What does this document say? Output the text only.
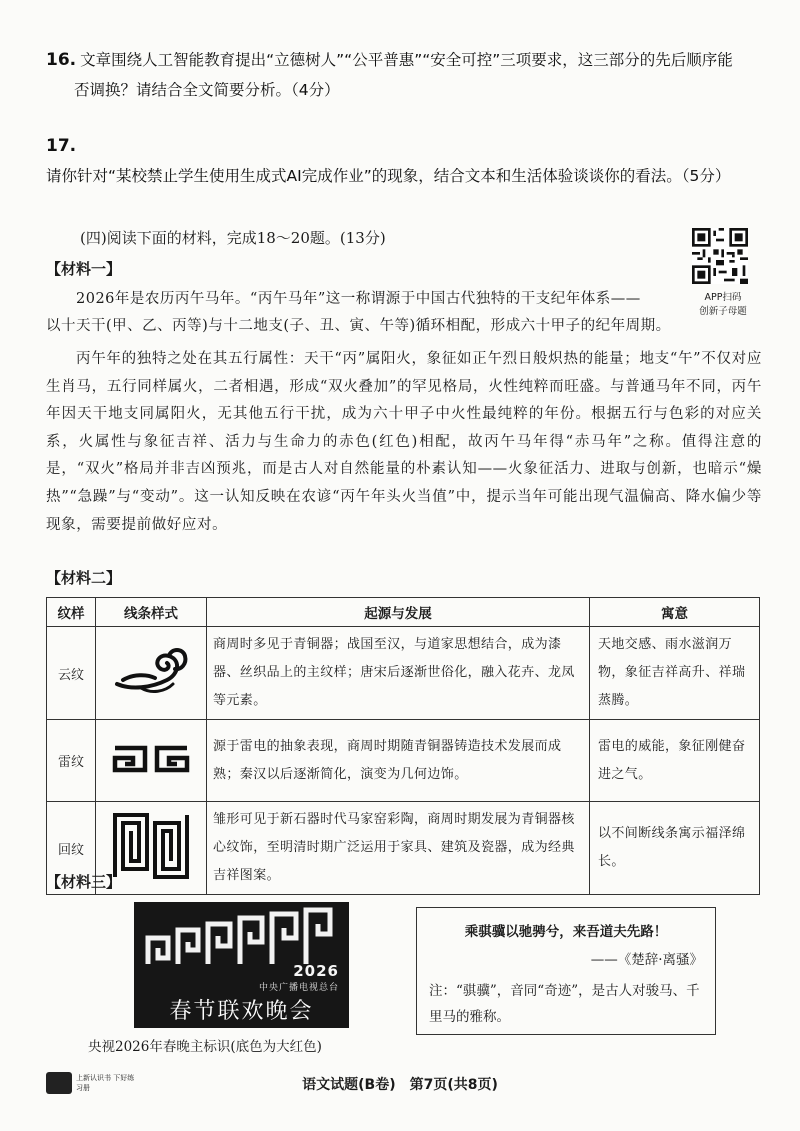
16. 文章围绕人工智能教育提出“立德树人”“公平普惠”“安全可控”三项要求，这三部分的先后顺序能
否调换？请结合全文简要分析。（4分）
17.请你针对“某校禁止学生使用生成式AI完成作业”的现象，结合文本和生活体验谈谈你的看法。（5分）
(四)阅读下面的材料，完成18～20题。(13分)
APP扫码
创新子母题
【材料一】
2026年是农历丙午马年。“丙午马年”这一称谓源于中国古代独特的干支纪年体系——
以十天干(甲、乙、丙等)与十二地支(子、丑、寅、午等)循环相配，形成六十甲子的纪年周期。
丙午年的独特之处在其五行属性：天干“丙”属阳火，象征如正午烈日般炽热的能量；地支“午”不仅对应生肖马，五行同样属火，二者相遇，形成“双火叠加”的罕见格局，火性纯粹而旺盛。与普通马年不同，丙午年因天干地支同属阳火，无其他五行干扰，成为六十甲子中火性最纯粹的年份。根据五行与色彩的对应关系，火属性与象征吉祥、活力与生命力的赤色(红色)相配，故丙午马年得“赤马年”之称。值得注意的是，“双火”格局并非吉凶预兆，而是古人对自然能量的朴素认知——火象征活力、进取与创新，也暗示“燥热”“急躁”与“变动”。这一认知反映在农谚“丙午年头火当值”中，提示当年可能出现气温偏高、降水偏少等现象，需要提前做好应对。
【材料二】
纹样	线条样式	起源与发展	寓意
云纹		商周时多见于青铜器；战国至汉，与道家思想结合，成为漆器、丝织品上的主纹样；唐宋后逐渐世俗化，融入花卉、龙凤等元素。	天地交感、雨水滋润万物，象征吉祥高升、祥瑞蒸腾。
雷纹		源于雷电的抽象表现，商周时期随青铜器铸造技术发展而成熟；秦汉以后逐渐简化，演变为几何边饰。	雷电的威能，象征刚健奋进之气。
回纹		雏形可见于新石器时代马家窑彩陶，商周时期发展为青铜器核心纹饰，至明清时期广泛运用于家具、建筑及瓷器，成为经典吉祥图案。	以不间断线条寓示福泽绵长。
【材料三】
2026
中央广播电视总台
春节联欢晚会
央视2026年春晚主标识(底色为大红色)
乘骐骥以驰骋兮，来吾道夫先路！
——《楚辞·离骚》
注：“骐骥”，音同“奇迹”，是古人对骏马、千里马的雅称。
上新认识书 下好练习册	语文试题(B卷)　第7页(共8页)
